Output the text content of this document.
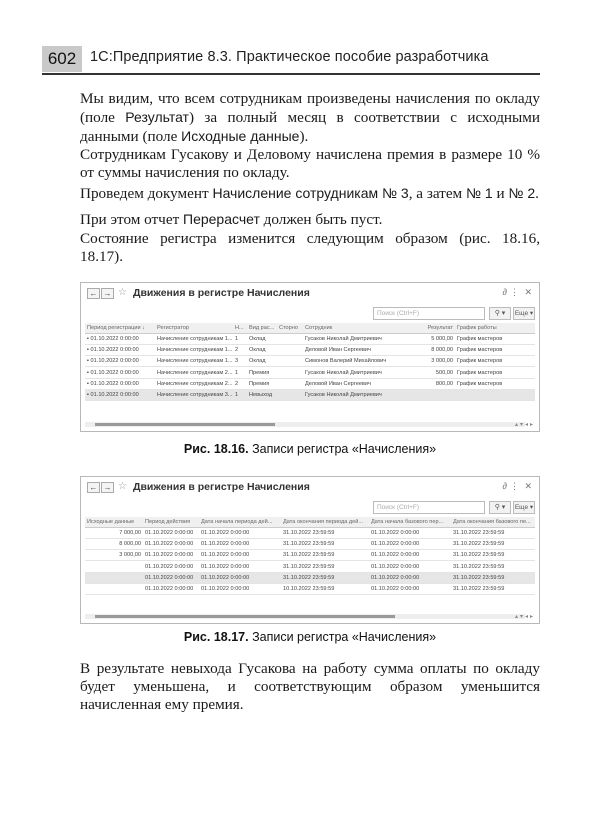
602 1С:Предприятие 8.3. Практическое пособие разработчика
Мы видим, что всем сотрудникам произведены начисления по окладу (поле Результат) за полный месяц в соответствии с исходными данными (поле Исходные данные).
Сотрудникам Гусакову и Деловому начислена премия в размере 10 % от суммы начисления по окладу.
Проведем документ Начисление сотрудникам № 3, а затем № 1 и № 2.
При этом отчет Перерасчет должен быть пуст.
Состояние регистра изменится следующим образом (рис. 18.16, 18.17).
← → ☆ Движения в регистре Начисления	∂ ⋮ ✕
Поиск (Ctrl+F)	⚲ ▾	Еще ▾
Период регистрации ↓	Регистратор	Н...	Вид рас...	Сторно	Сотрудник	Результат	График работы
▪ 01.10.2022 0:00:00	Начисление сотрудникам 1...	1	Оклад		Гусаков Николай Дмитриевич	5 000,00	График мастеров
▪ 01.10.2022 0:00:00	Начисление сотрудникам 1...	2	Оклад		Деловой Иван Сергеевич	8 000,00	График мастеров
▪ 01.10.2022 0:00:00	Начисление сотрудникам 1...	3	Оклад		Симонов Валерий Михайлович	3 000,00	График мастеров
▪ 01.10.2022 0:00:00	Начисление сотрудникам 2...	1	Премия		Гусаков Николай Дмитриевич	500,00	График мастеров
▪ 01.10.2022 0:00:00	Начисление сотрудникам 2...	2	Премия		Деловой Иван Сергеевич	800,00	График мастеров
▪ 01.10.2022 0:00:00	Начисление сотрудникам 3...	1	Невыход		Гусаков Николай Дмитриевич		
▴▾◂▸
Рис. 18.16. Записи регистра «Начисления»
← → ☆ Движения в регистре Начисления	∂ ⋮ ✕
Поиск (Ctrl+F)	⚲ ▾	Еще ▾
Исходные данные	Период действия	Дата начала периода дей...	Дата окончания периода дей...	Дата начала базового пер...	Дата окончания базового пе...
7 000,00	01.10.2022 0:00:00	01.10.2022 0:00:00	31.10.2022 23:59:59	01.10.2022 0:00:00	31.10.2022 23:59:59
8 000,00	01.10.2022 0:00:00	01.10.2022 0:00:00	31.10.2022 23:59:59	01.10.2022 0:00:00	31.10.2022 23:59:59
3 000,00	01.10.2022 0:00:00	01.10.2022 0:00:00	31.10.2022 23:59:59	01.10.2022 0:00:00	31.10.2022 23:59:59
	01.10.2022 0:00:00	01.10.2022 0:00:00	31.10.2022 23:59:59	01.10.2022 0:00:00	31.10.2022 23:59:59
	01.10.2022 0:00:00	01.10.2022 0:00:00	31.10.2022 23:59:59	01.10.2022 0:00:00	31.10.2022 23:59:59
	01.10.2022 0:00:00	01.10.2022 0:00:00	10.10.2022 23:59:59	01.10.2022 0:00:00	31.10.2022 23:59:59
▴▾◂▸
Рис. 18.17. Записи регистра «Начисления»
В результате невыхода Гусакова на работу сумма оплаты по окладу будет уменьшена, и соответствующим образом уменьшится начисленная ему премия.
